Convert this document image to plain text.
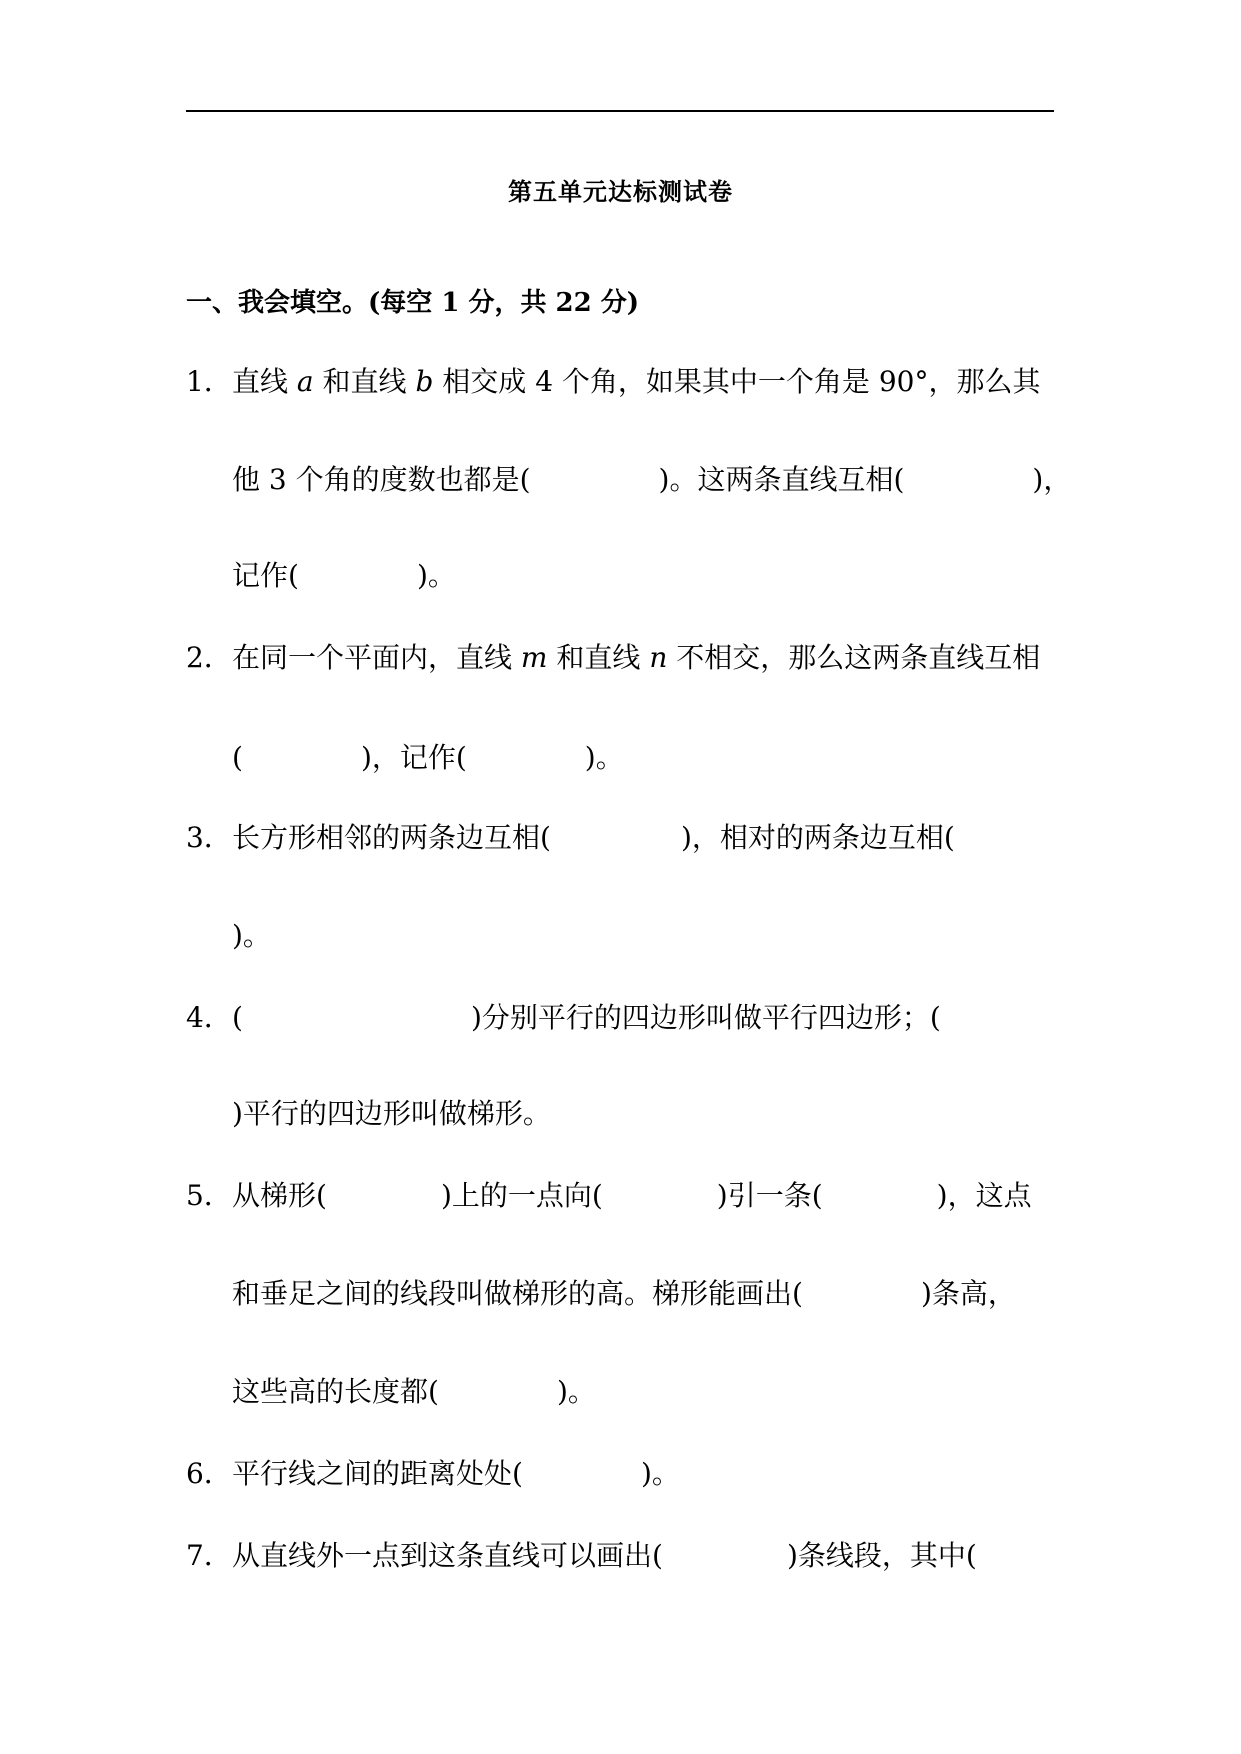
第五单元达标测试卷
一、我会填空。(每空 1 分，共 22 分)
1．直线 a 和直线 b 相交成 4 个角，如果其中一个角是 90°，那么其
他 3 个角的度数也都是(	)。这两条直线互相(	)，
记作(	)。
2．在同一个平面内，直线 m 和直线 n 不相交，那么这两条直线互相
(	)，记作(	)。
3．长方形相邻的两条边互相(	)，相对的两条边互相(
)。
4．(	)分别平行的四边形叫做平行四边形；(
)平行的四边形叫做梯形。
5．从梯形(	)上的一点向(	)引一条(	)，这点
和垂足之间的线段叫做梯形的高。梯形能画出(	)条高，
这些高的长度都(	)。
6．平行线之间的距离处处(	)。
7．从直线外一点到这条直线可以画出(	)条线段，其中(
